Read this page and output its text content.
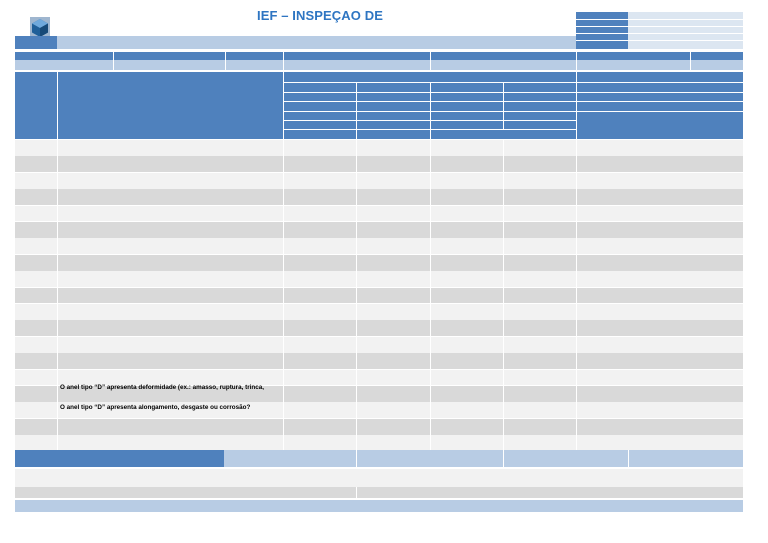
IEF – INSPEÇAO DE
O anel tipo “D” apresenta deformidade (ex.: amasso, ruptura, trinca,
O anel tipo “D” apresenta alongamento, desgaste ou corrosão?
